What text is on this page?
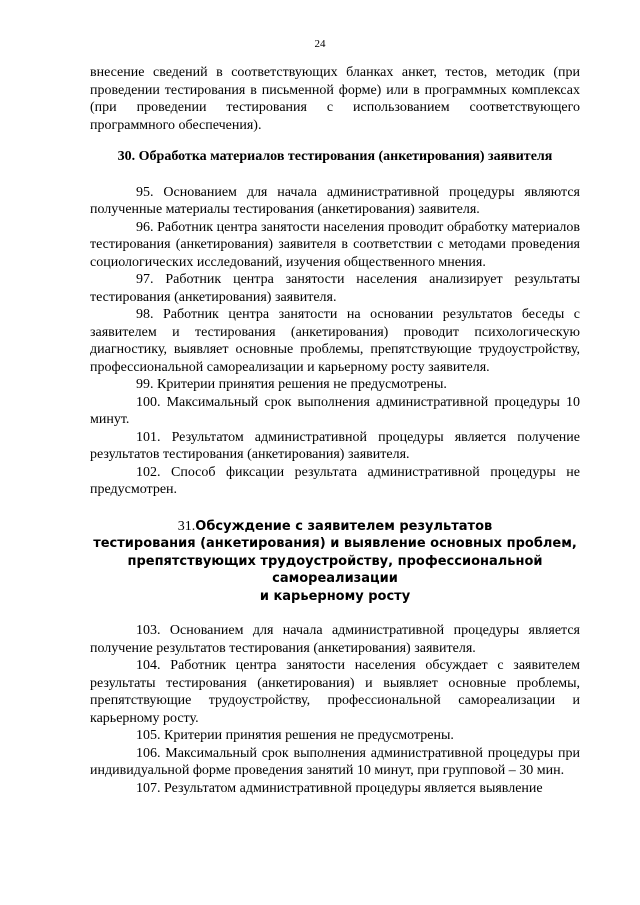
24

внесение сведений в соответствующих бланках анкет, тестов, методик (при проведении тестирования в письменной форме) или в программных комплексах (при проведении тестирования с использованием соответствующего программного обеспечения).

30. Обработка материалов тестирования (анкетирования) заявителя

95. Основанием для начала административной процедуры являются полученные материалы тестирования (анкетирования) заявителя.

96. Работник центра занятости населения проводит обработку материалов тестирования (анкетирования) заявителя в соответствии с методами проведения социологических исследований, изучения общественного мнения.

97. Работник центра занятости населения анализирует результаты тестирования (анкетирования) заявителя.

98. Работник центра занятости на основании результатов беседы с заявителем и тестирования (анкетирования) проводит психологическую диагностику, выявляет основные проблемы, препятствующие трудоустройству, профессиональной самореализации и карьерному росту заявителя.

99. Критерии принятия решения не предусмотрены.

100. Максимальный срок выполнения административной процедуры 10 минут.

101. Результатом административной процедуры является получение результатов тестирования (анкетирования) заявителя.

102. Способ фиксации результата административной процедуры не предусмотрен.

31.Обсуждение с заявителем результатов
тестирования (анкетирования) и выявление основных проблем,
препятствующих трудоустройству, профессиональной самореализации
и карьерному росту

103. Основанием для начала административной процедуры является получение результатов тестирования (анкетирования) заявителя.

104. Работник центра занятости населения обсуждает с заявителем результаты тестирования (анкетирования) и выявляет основные проблемы, препятствующие трудоустройству, профессиональной самореализации и карьерному росту.

105. Критерии принятия решения не предусмотрены.

106. Максимальный срок выполнения административной процедуры при индивидуальной форме проведения занятий 10 минут, при групповой – 30 мин.

107. Результатом административной процедуры является выявление
